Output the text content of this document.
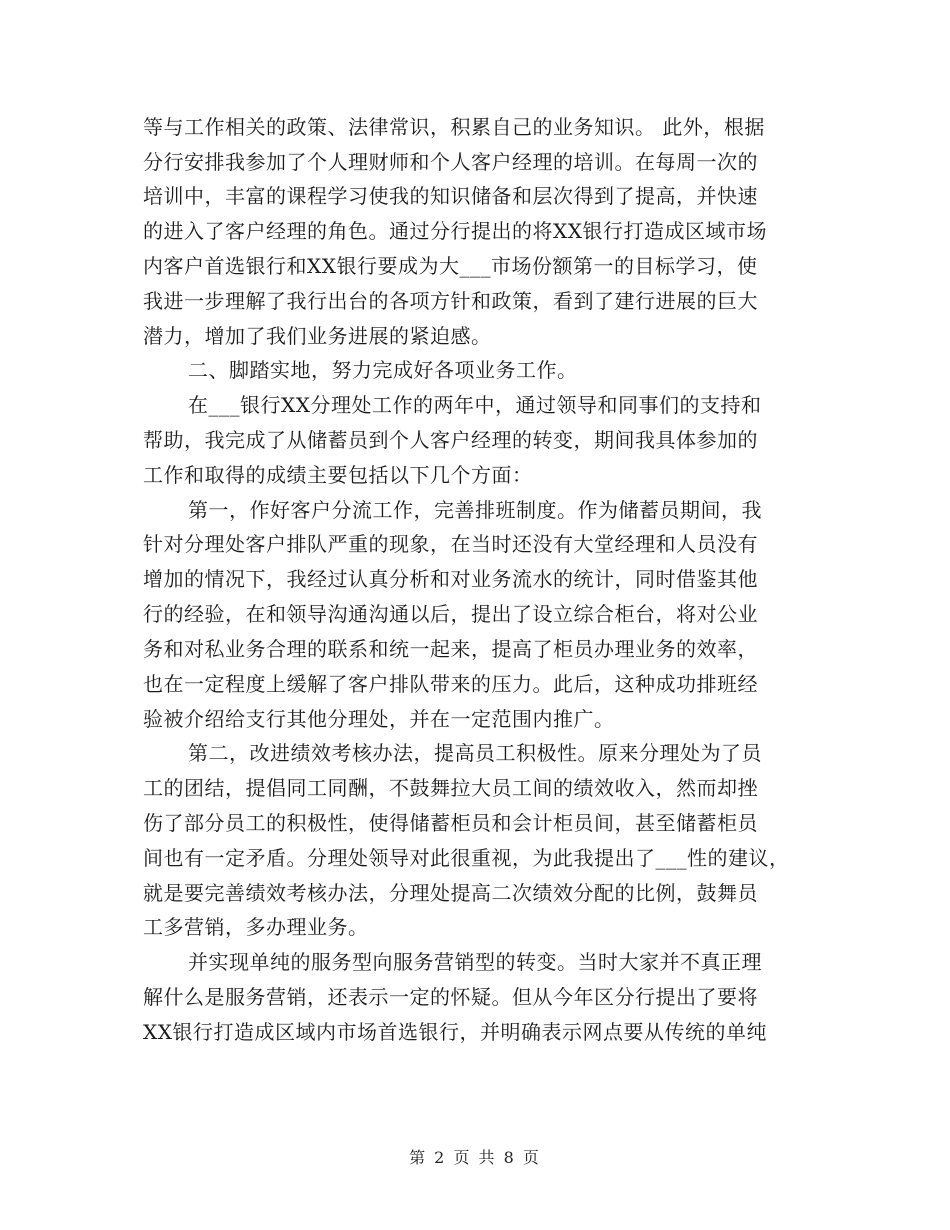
等与工作相关的政策、法律常识，积累自己的业务知识。 此外，根据
分行安排我参加了个人理财师和个人客户经理的培训。在每周一次的
培训中，丰富的课程学习使我的知识储备和层次得到了提高，并快速
的进入了客户经理的角色。通过分行提出的将XX银行打造成区域市场
内客户首选银行和XX银行要成为大___市场份额第一的目标学习，使
我进一步理解了我行出台的各项方针和政策，看到了建行进展的巨大
潜力，增加了我们业务进展的紧迫感。
二、脚踏实地，努力完成好各项业务工作。
在___银行XX分理处工作的两年中，通过领导和同事们的支持和
帮助，我完成了从储蓄员到个人客户经理的转变，期间我具体参加的
工作和取得的成绩主要包括以下几个方面：
第一，作好客户分流工作，完善排班制度。作为储蓄员期间，我
针对分理处客户排队严重的现象，在当时还没有大堂经理和人员没有
增加的情况下，我经过认真分析和对业务流水的统计，同时借鉴其他
行的经验，在和领导沟通沟通以后，提出了设立综合柜台，将对公业
务和对私业务合理的联系和统一起来，提高了柜员办理业务的效率，
也在一定程度上缓解了客户排队带来的压力。此后，这种成功排班经
验被介绍给支行其他分理处，并在一定范围内推广。
第二，改进绩效考核办法，提高员工积极性。原来分理处为了员
工的团结，提倡同工同酬，不鼓舞拉大员工间的绩效收入，然而却挫
伤了部分员工的积极性，使得储蓄柜员和会计柜员间，甚至储蓄柜员
间也有一定矛盾。分理处领导对此很重视，为此我提出了___性的建议，
就是要完善绩效考核办法，分理处提高二次绩效分配的比例，鼓舞员
工多营销，多办理业务。
并实现单纯的服务型向服务营销型的转变。当时大家并不真正理
解什么是服务营销，还表示一定的怀疑。但从今年区分行提出了要将
XX银行打造成区域内市场首选银行，并明确表示网点要从传统的单纯
第 2 页 共 8 页
